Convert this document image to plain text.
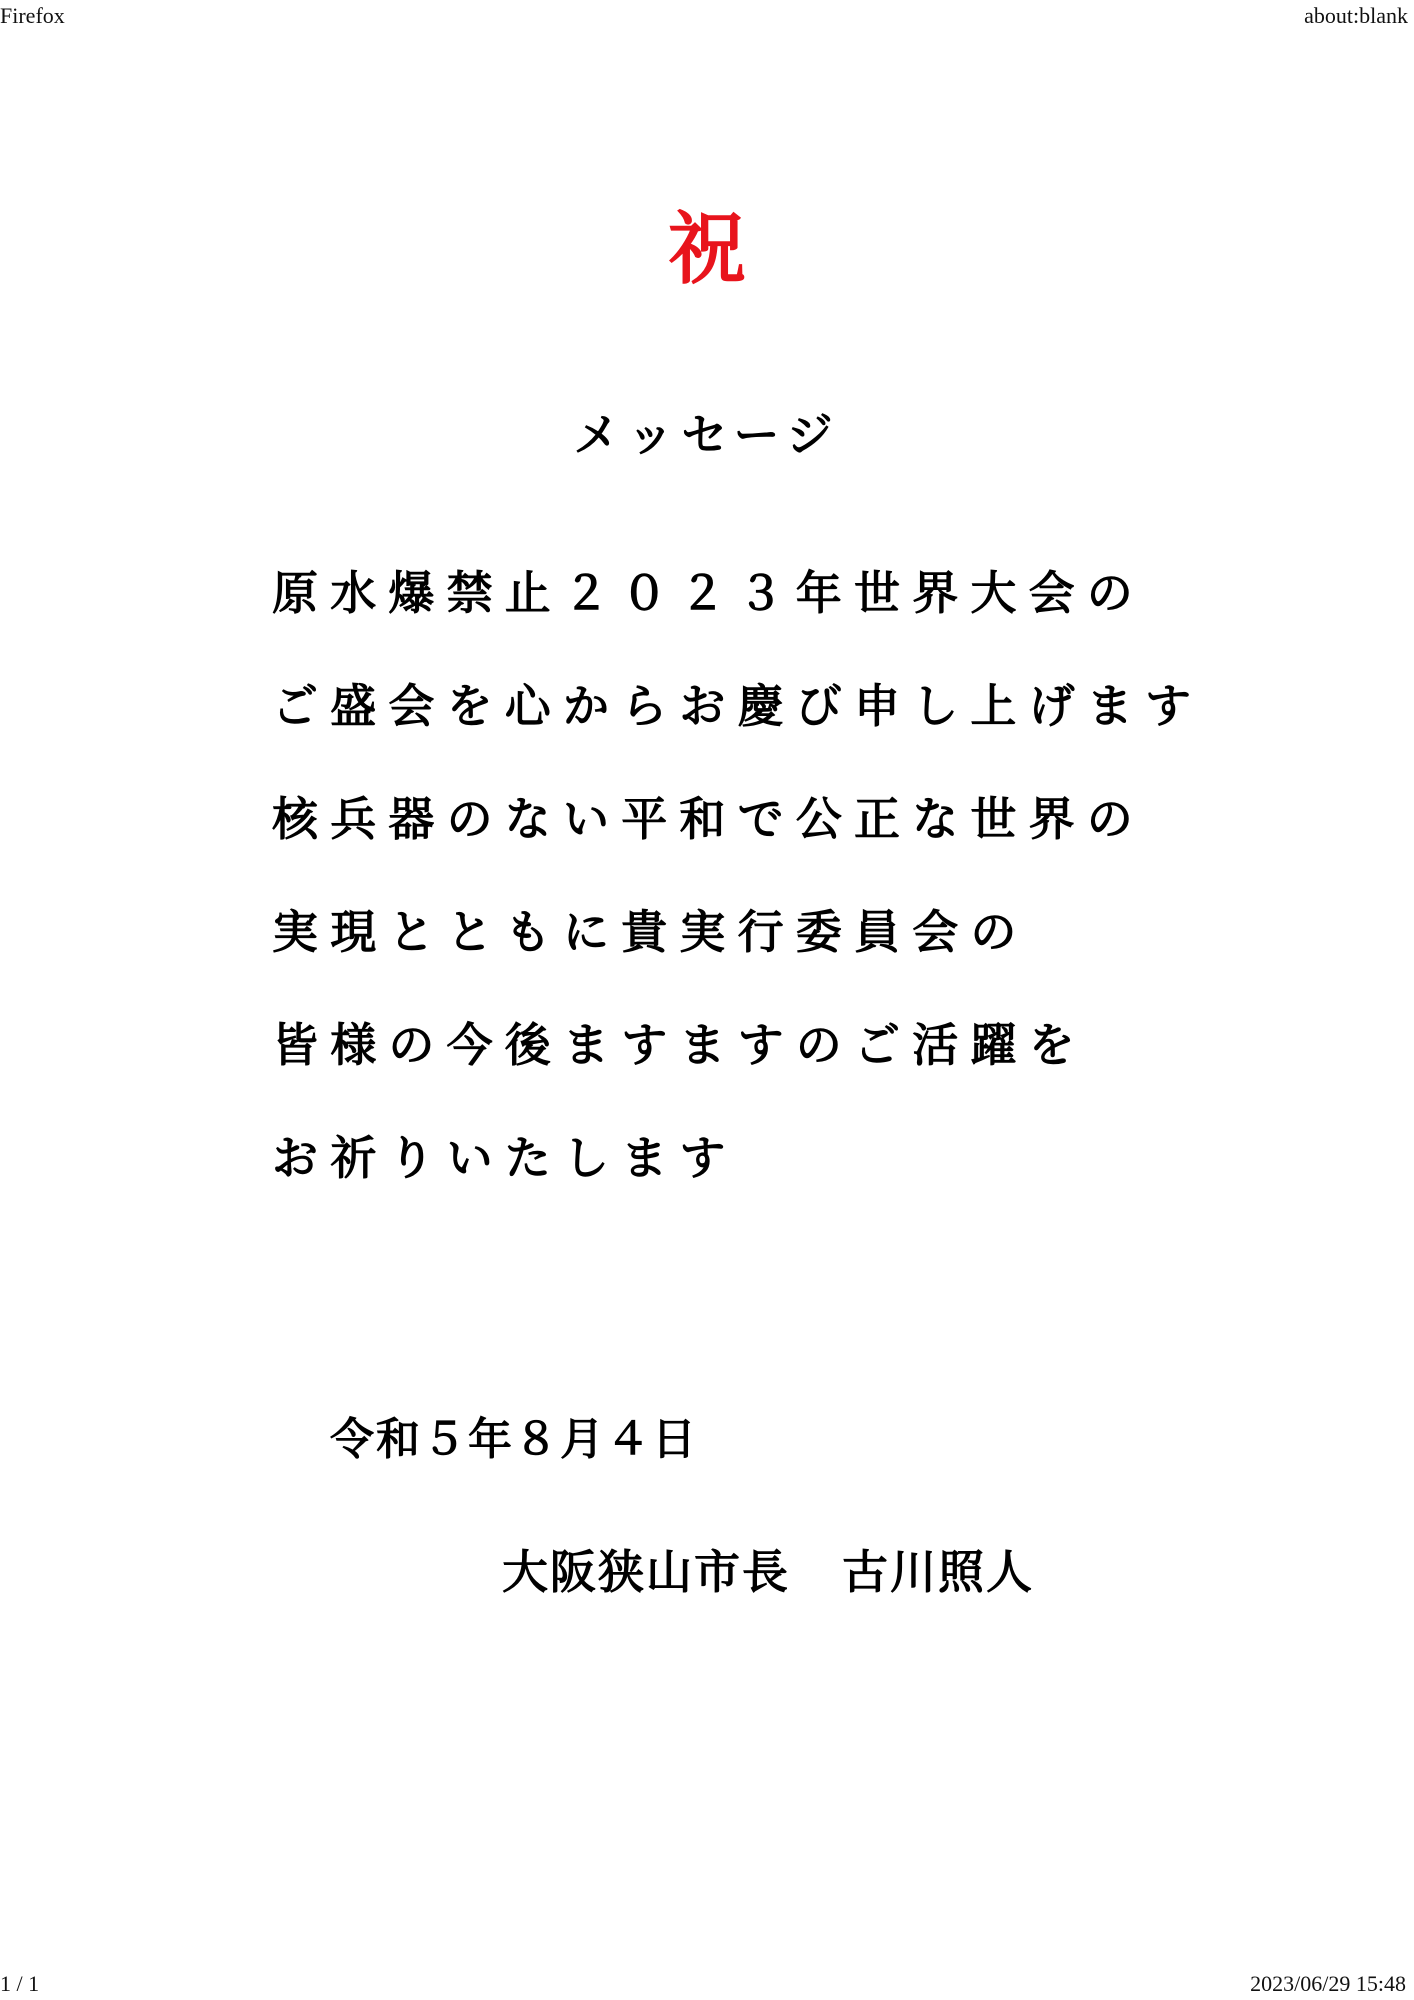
Firefox	about:blank
祝
メッセージ
原水爆禁止２０２３年世界大会の
ご盛会を心からお慶び申し上げます
核兵器のない平和で公正な世界の
実現とともに貴実行委員会の
皆様の今後ますますのご活躍を
お祈りいたします
令和５年８月４日
大阪狭山市長 古川照人
1 / 1	2023/06/29 15:48
